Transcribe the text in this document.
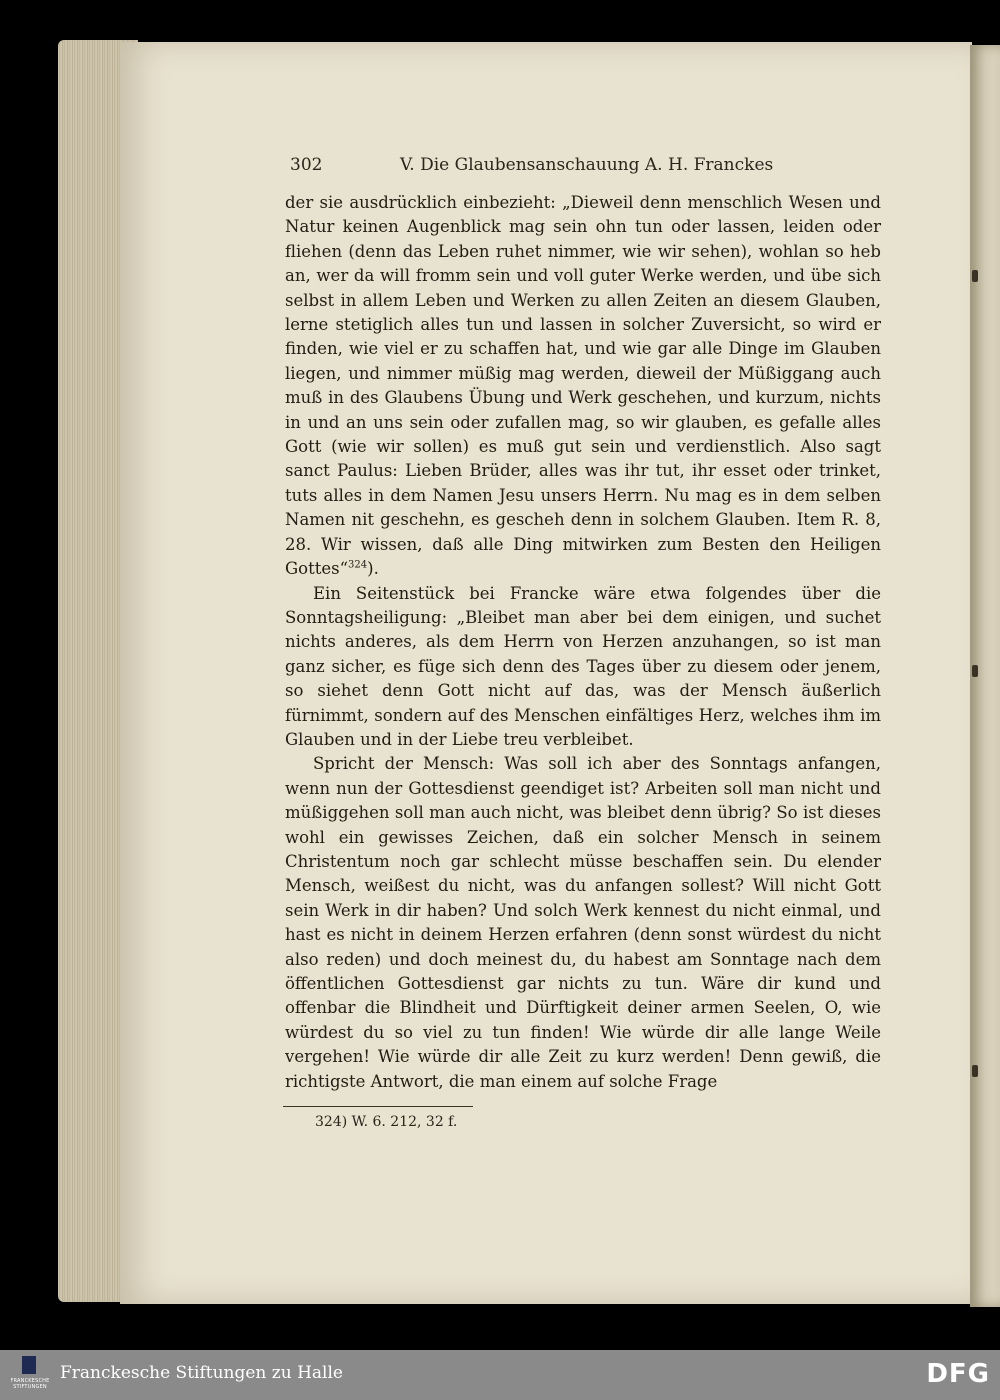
302	V. Die Glaubensanschauung A. H. Franckes

der sie ausdrücklich einbezieht: „Dieweil denn menschlich Wesen und Natur keinen Augenblick mag sein ohn tun oder lassen, leiden oder fliehen (denn das Leben ruhet nimmer, wie wir sehen), wohlan so heb an, wer da will fromm sein und voll guter Werke werden, und übe sich selbst in allem Leben und Werken zu allen Zeiten an diesem Glauben, lerne stetiglich alles tun und lassen in solcher Zuversicht, so wird er finden, wie viel er zu schaffen hat, und wie gar alle Dinge im Glauben liegen, und nimmer müßig mag werden, dieweil der Müßiggang auch muß in des Glaubens Übung und Werk geschehen, und kurzum, nichts in und an uns sein oder zufallen mag, so wir glauben, es gefalle alles Gott (wie wir sollen) es muß gut sein und verdienstlich. Also sagt sanct Paulus: Lieben Brüder, alles was ihr tut, ihr esset oder trinket, tuts alles in dem Namen Jesu unsers Herrn. Nu mag es in dem selben Namen nit geschehn, es gescheh denn in solchem Glauben. Item R. 8, 28. Wir wissen, daß alle Ding mitwirken zum Besten den Heiligen Gottes“$^{324}$).

Ein Seitenstück bei Francke wäre etwa folgendes über die Sonntagsheiligung: „Bleibet man aber bei dem einigen, und suchet nichts anderes, als dem Herrn von Herzen anzuhangen, so ist man ganz sicher, es füge sich denn des Tages über zu diesem oder jenem, so siehet denn Gott nicht auf das, was der Mensch äußerlich fürnimmt, sondern auf des Menschen einfältiges Herz, welches ihm im Glauben und in der Liebe treu verbleibet.

Spricht der Mensch: Was soll ich aber des Sonntags anfangen, wenn nun der Gottesdienst geendiget ist? Arbeiten soll man nicht und müßiggehen soll man auch nicht, was bleibet denn übrig? So ist dieses wohl ein gewisses Zeichen, daß ein solcher Mensch in seinem Christentum noch gar schlecht müsse beschaffen sein. Du elender Mensch, weißest du nicht, was du anfangen sollest? Will nicht Gott sein Werk in dir haben? Und solch Werk kennest du nicht einmal, und hast es nicht in deinem Herzen erfahren (denn sonst würdest du nicht also reden) und doch meinest du, du habest am Sonntage nach dem öffentlichen Gottesdienst gar nichts zu tun. Wäre dir kund und offenbar die Blindheit und Dürftigkeit deiner armen Seelen, O, wie würdest du so viel zu tun finden! Wie würde dir alle lange Weile vergehen! Wie würde dir alle Zeit zu kurz werden! Denn gewiß, die richtigste Antwort, die man einem auf solche Frage

324) W. 6. 212, 32 f.
FRANCKESCHE STIFTUNGEN
Franckesche Stiftungen zu Halle	DFG
